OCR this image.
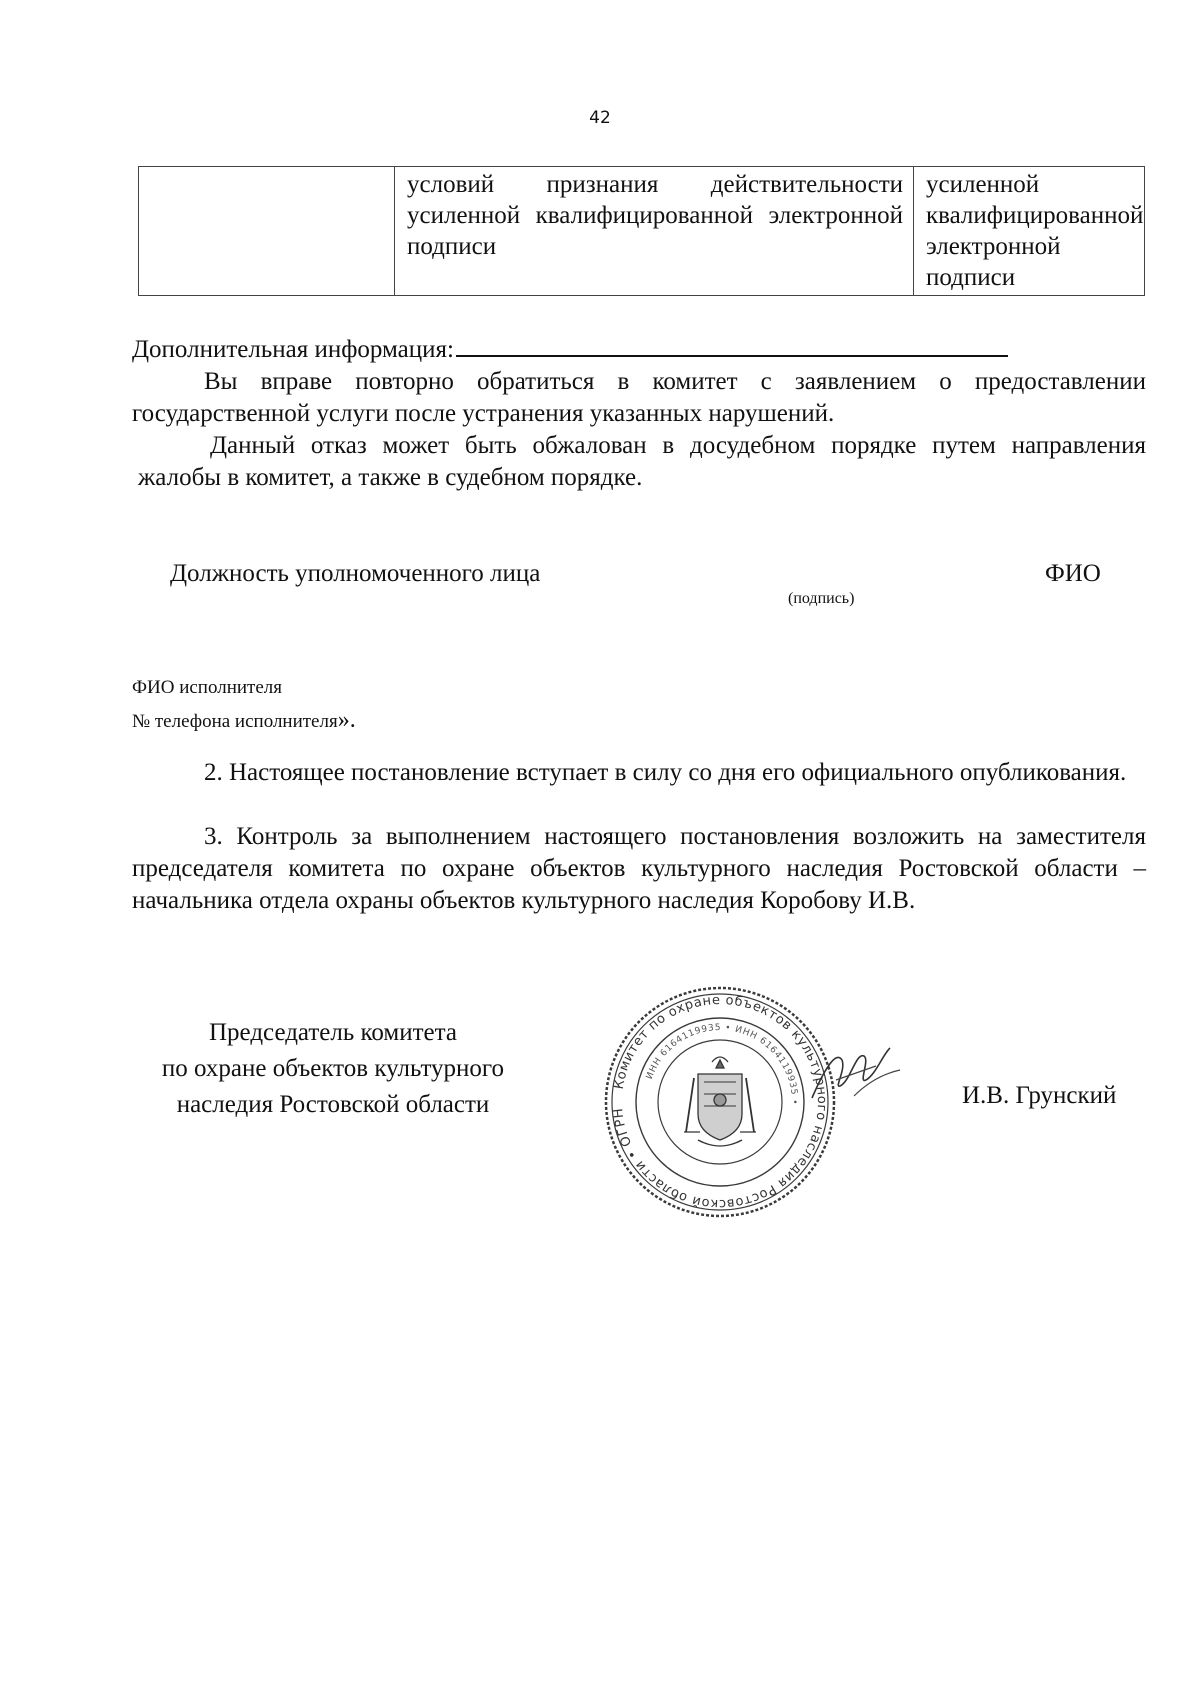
42
	условий признания действительности усиленной квалифицированной электронной подписи	усиленной квалифицированной электронной подписи
Дополнительная информация:
Вы вправе повторно обратиться в комитет с заявлением о предоставлении государственной услуги после устранения указанных нарушений.
Данный отказ может быть обжалован в досудебном порядке путем направления жалобы в комитет, а также в судебном порядке.
Должность уполномоченного лица
(подпись)
ФИО
ФИО исполнителя
№ телефона исполнителя».
2. Настоящее постановление вступает в силу со дня его официального опубликования.
3. Контроль за выполнением настоящего постановления возложить на заместителя председателя комитета по охране объектов культурного наследия Ростовской области – начальника отдела охраны объектов культурного наследия Коробову И.В.
Председатель комитета
по охране объектов культурного
наследия Ростовской области	И.В. Грунский
Комитет по охране объектов культурного наследия Ростовской области • ОГРН
ИНН 6164119935 • ИНН 6164119935 •
